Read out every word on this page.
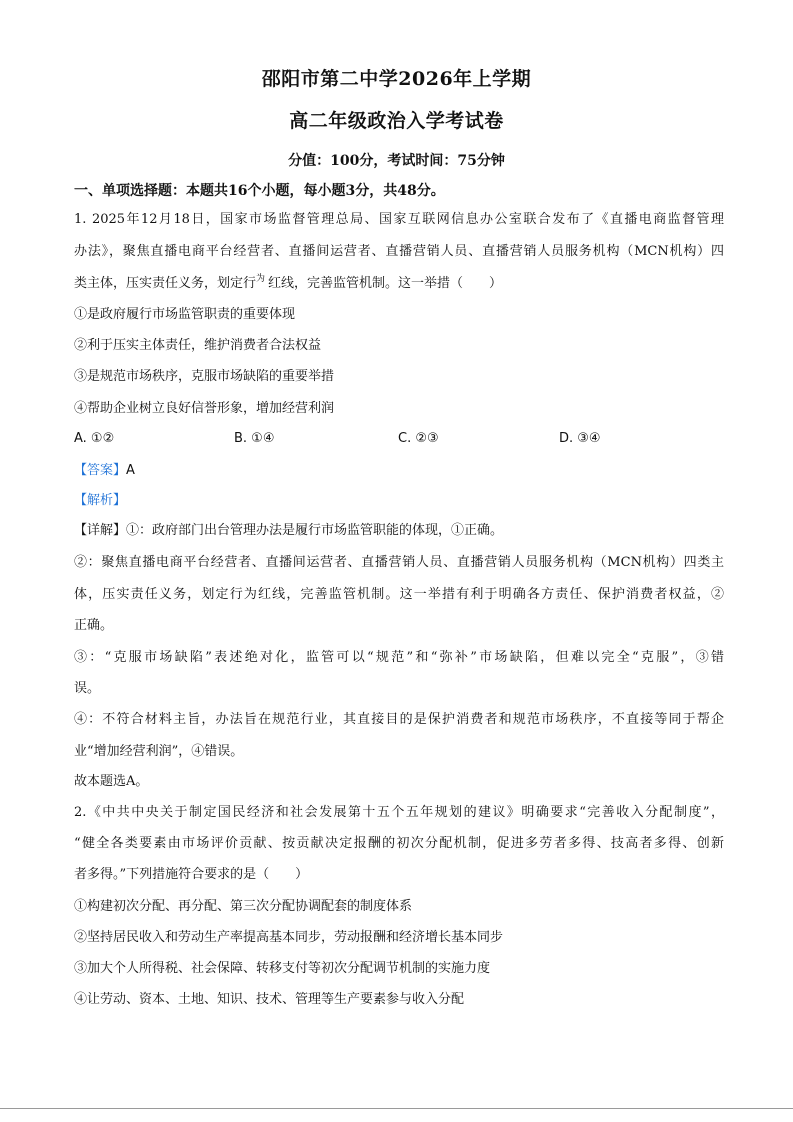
邵阳市第二中学2026年上学期
高二年级政治入学考试卷
分值：100分，考试时间：75分钟
一、单项选择题：本题共16个小题，每小题3分，共48分。
1. 2025年12月18日，国家市场监督管理总局、国家互联网信息办公室联合发布了《直播电商监督管理
办法》，聚焦直播电商平台经营者、直播间运营者、直播营销人员、直播营销人员服务机构（MCN机构）四
类主体，压实责任义务，划定行为 红线，完善监管机制。这一举措（　　）
①是政府履行市场监管职责的重要体现
②利于压实主体责任，维护消费者合法权益
③是规范市场秩序，克服市场缺陷的重要举措
④帮助企业树立良好信誉形象，增加经营利润
A. ①②	B. ①④	C. ②③	D. ③④
【答案】A
【解析】
【详解】①：政府部门出台管理办法是履行市场监管职能的体现，①正确。
②：聚焦直播电商平台经营者、直播间运营者、直播营销人员、直播营销人员服务机构（MCN机构）四类主
体，压实责任义务，划定行为红线，完善监管机制。这一举措有利于明确各方责任、保护消费者权益，②
正确。
③：“克服市场缺陷”表述绝对化，监管可以“规范”和“弥补”市场缺陷，但难以完全“克服”，③错
误。
④：不符合材料主旨，办法旨在规范行业，其直接目的是保护消费者和规范市场秩序，不直接等同于帮企
业“增加经营利润”，④错误。
故本题选A。
2.《中共中央关于制定国民经济和社会发展第十五个五年规划的建议》明确要求“完善收入分配制度”，
“健全各类要素由市场评价贡献、按贡献决定报酬的初次分配机制，促进多劳者多得、技高者多得、创新
者多得。”下列措施符合要求的是（　　）
①构建初次分配、再分配、第三次分配协调配套的制度体系
②坚持居民收入和劳动生产率提高基本同步，劳动报酬和经济增长基本同步
③加大个人所得税、社会保障、转移支付等初次分配调节机制的实施力度
④让劳动、资本、土地、知识、技术、管理等生产要素参与收入分配
